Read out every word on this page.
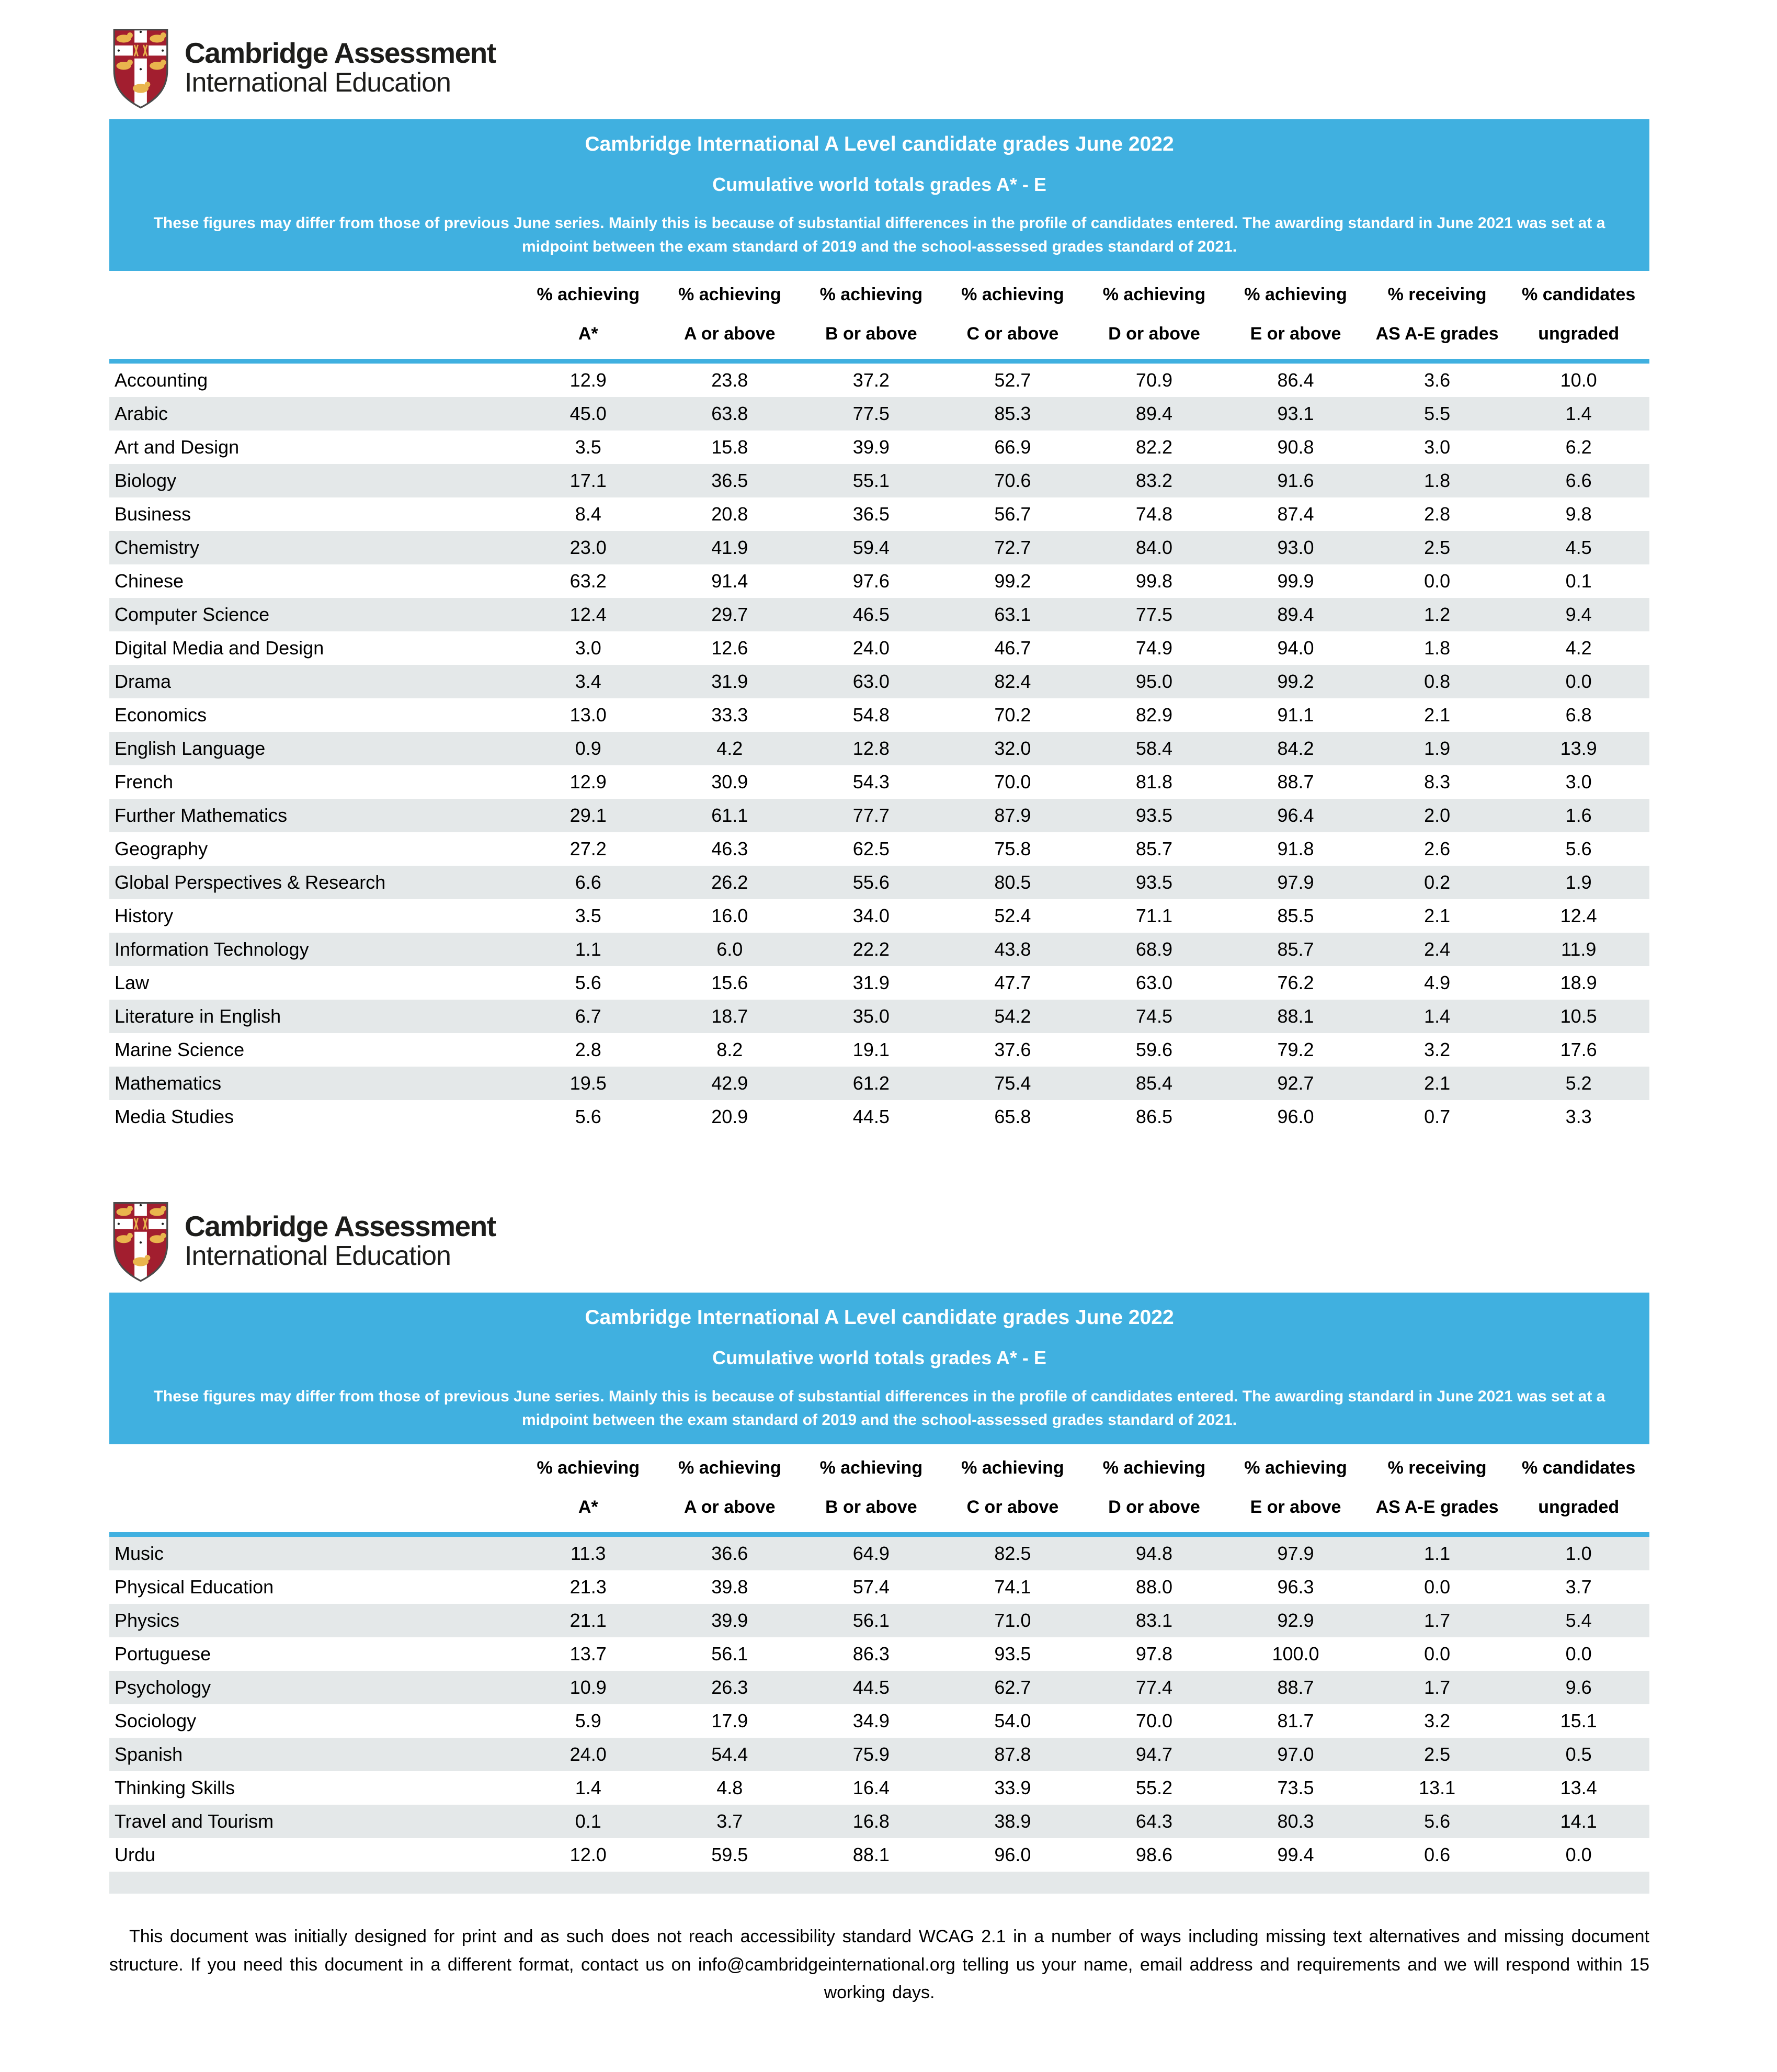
Cambridge Assessment
International Education
Cambridge International A Level candidate grades June 2022
Cumulative world totals grades A* - E
These figures may differ from those of previous June series. Mainly this is because of substantial differences in the profile of candidates entered. The awarding standard in June 2021 was set at a midpoint between the exam standard of 2019 and the school-assessed grades standard of 2021.

% achieving
A*

% achieving
A or above

% achieving
B or above

% achieving
C or above

% achieving
D or above

% achieving
E or above

% receiving
AS A-E grades

% candidates
ungraded

Accounting	12.9	23.8	37.2	52.7	70.9	86.4	3.6	10.0
Arabic	45.0	63.8	77.5	85.3	89.4	93.1	5.5	1.4
Art and Design	3.5	15.8	39.9	66.9	82.2	90.8	3.0	6.2
Biology	17.1	36.5	55.1	70.6	83.2	91.6	1.8	6.6
Business	8.4	20.8	36.5	56.7	74.8	87.4	2.8	9.8
Chemistry	23.0	41.9	59.4	72.7	84.0	93.0	2.5	4.5
Chinese	63.2	91.4	97.6	99.2	99.8	99.9	0.0	0.1
Computer Science	12.4	29.7	46.5	63.1	77.5	89.4	1.2	9.4
Digital Media and Design	3.0	12.6	24.0	46.7	74.9	94.0	1.8	4.2
Drama	3.4	31.9	63.0	82.4	95.0	99.2	0.8	0.0
Economics	13.0	33.3	54.8	70.2	82.9	91.1	2.1	6.8
English Language	0.9	4.2	12.8	32.0	58.4	84.2	1.9	13.9
French	12.9	30.9	54.3	70.0	81.8	88.7	8.3	3.0
Further Mathematics	29.1	61.1	77.7	87.9	93.5	96.4	2.0	1.6
Geography	27.2	46.3	62.5	75.8	85.7	91.8	2.6	5.6
Global Perspectives & Research	6.6	26.2	55.6	80.5	93.5	97.9	0.2	1.9
History	3.5	16.0	34.0	52.4	71.1	85.5	2.1	12.4
Information Technology	1.1	6.0	22.2	43.8	68.9	85.7	2.4	11.9
Law	5.6	15.6	31.9	47.7	63.0	76.2	4.9	18.9
Literature in English	6.7	18.7	35.0	54.2	74.5	88.1	1.4	10.5
Marine Science	2.8	8.2	19.1	37.6	59.6	79.2	3.2	17.6
Mathematics	19.5	42.9	61.2	75.4	85.4	92.7	2.1	5.2
Media Studies	5.6	20.9	44.5	65.8	86.5	96.0	0.7	3.3
Cambridge Assessment
International Education
Cambridge International A Level candidate grades June 2022
Cumulative world totals grades A* - E
These figures may differ from those of previous June series. Mainly this is because of substantial differences in the profile of candidates entered. The awarding standard in June 2021 was set at a midpoint between the exam standard of 2019 and the school-assessed grades standard of 2021.

% achieving
A*

% achieving
A or above

% achieving
B or above

% achieving
C or above

% achieving
D or above

% achieving
E or above

% receiving
AS A-E grades

% candidates
ungraded

Music	11.3	36.6	64.9	82.5	94.8	97.9	1.1	1.0
Physical Education	21.3	39.8	57.4	74.1	88.0	96.3	0.0	3.7
Physics	21.1	39.9	56.1	71.0	83.1	92.9	1.7	5.4
Portuguese	13.7	56.1	86.3	93.5	97.8	100.0	0.0	0.0
Psychology	10.9	26.3	44.5	62.7	77.4	88.7	1.7	9.6
Sociology	5.9	17.9	34.9	54.0	70.0	81.7	3.2	15.1
Spanish	24.0	54.4	75.9	87.8	94.7	97.0	2.5	0.5
Thinking Skills	1.4	4.8	16.4	33.9	55.2	73.5	13.1	13.4
Travel and Tourism	0.1	3.7	16.8	38.9	64.3	80.3	5.6	14.1
Urdu	12.0	59.5	88.1	96.0	98.6	99.4	0.6	0.0

This document was initially designed for print and as such does not reach accessibility standard WCAG 2.1 in a number of ways including missing text alternatives and missing document structure. If you need this document in a different format, contact us on info@cambridgeinternational.org telling us your name, email address and requirements and we will respond within 15 working days.
